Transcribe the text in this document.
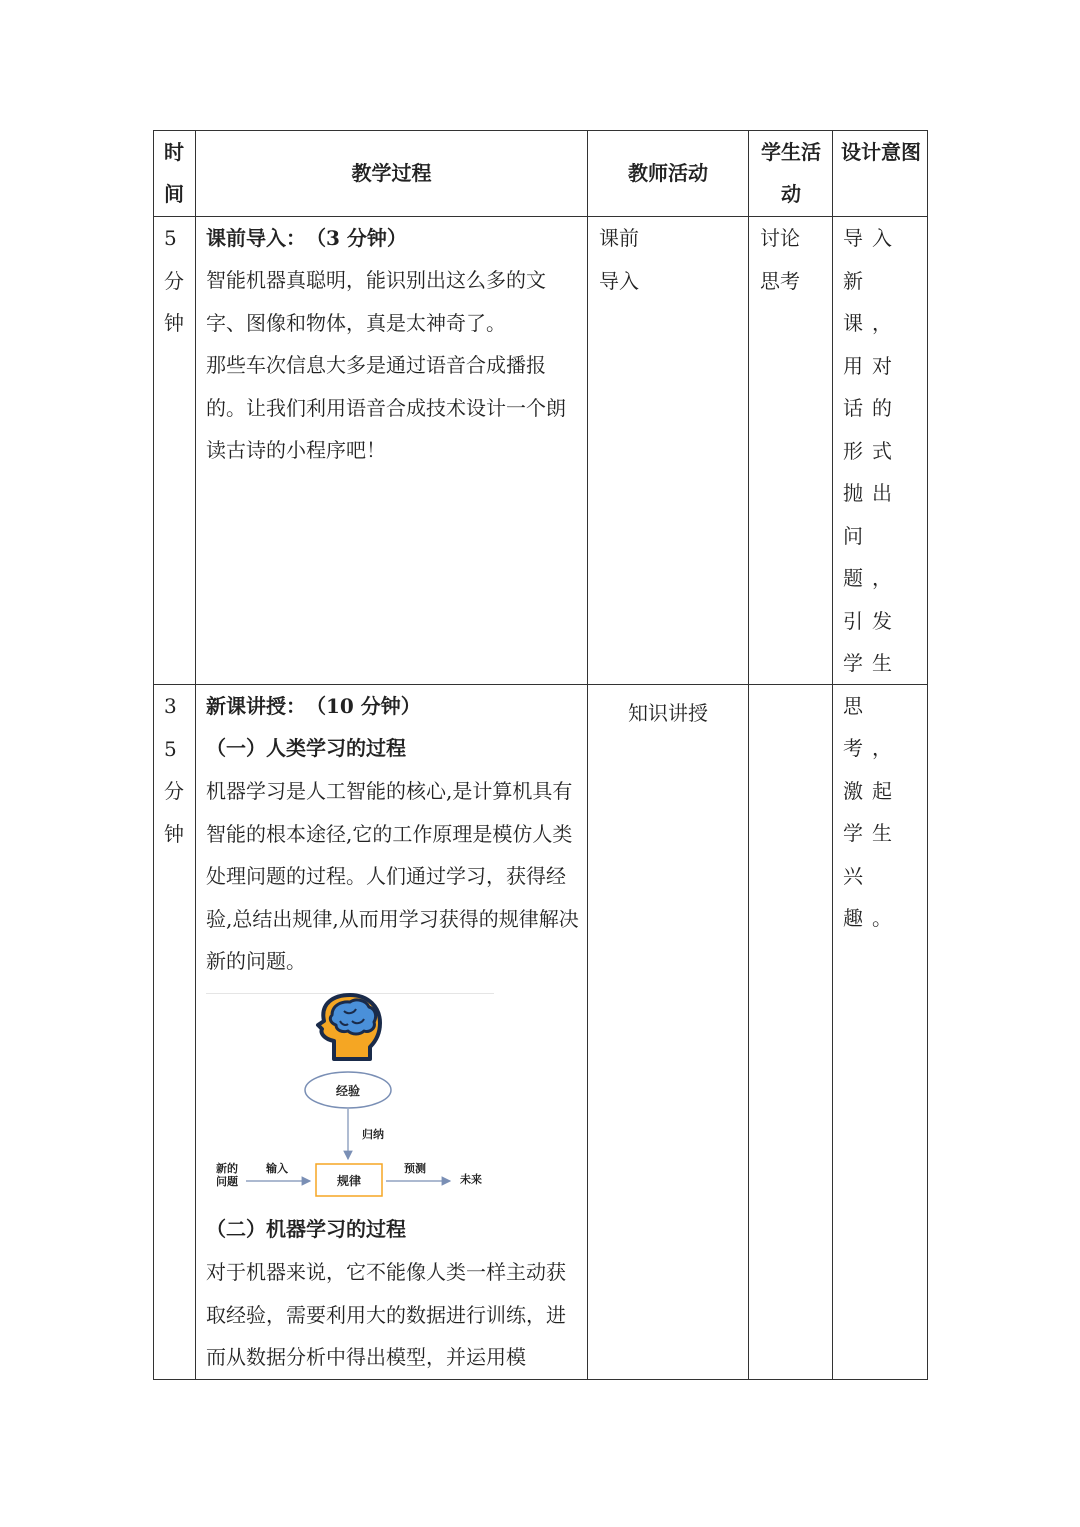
时间
教学过程	教师活动
学生活动
设计意图
5分钟
课前导入：　（3 分钟）
智能机器真聪明，能识别出这么多的文字、图像和物体，真是太神奇了。
那些车次信息大多是通过语音合成播报的。让我们利用语音合成技术设计一个朗读古诗的小程序吧！
课前导入
讨论思考
导入新课，用对话的形式抛出问题，引发学生思考，激起学生兴趣。
35分钟
新课讲授：　（10 分钟）
（一）人类学习的过程
机器学习是人工智能的核心,是计算机具有智能的根本途径,它的工作原理是模仿人类处理问题的过程。人们通过学习，获得经验,总结出规律,从而用学习获得的规律解决新的问题。
经验
归纳
规律
新的问题
输入	预测
未来
（二）机器学习的过程
对于机器来说，它不能像人类一样主动获取经验，需要利用大的数据进行训练，进而从数据分析中得出模型，并运用模
知识讲授
